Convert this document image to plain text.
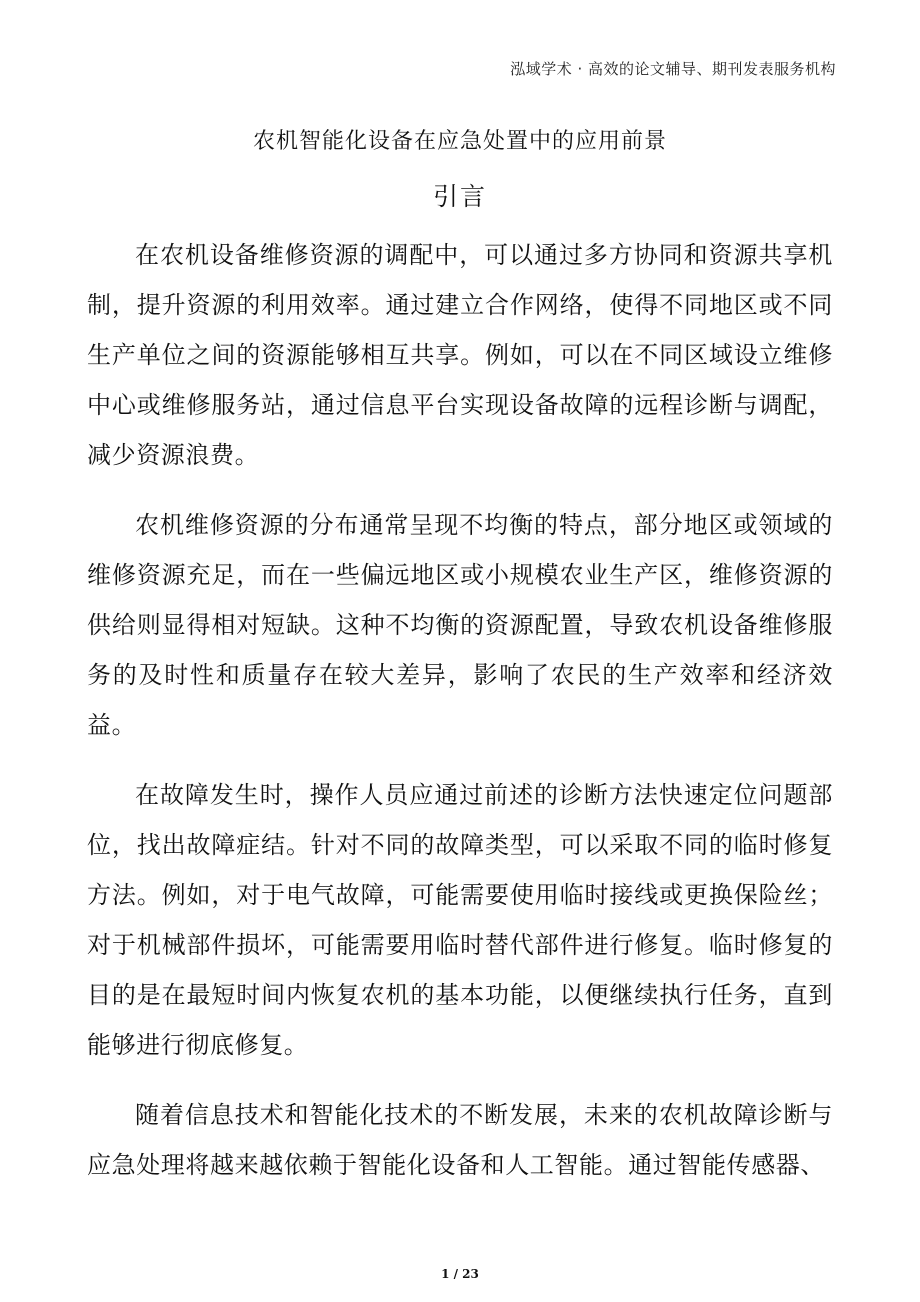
泓域学术 · 高效的论文辅导、期刊发表服务机构
农机智能化设备在应急处置中的应用前景
引言

在农机设备维修资源的调配中，可以通过多方协同和资源共享机制，提升资源的利用效率。通过建立合作网络，使得不同地区或不同生产单位之间的资源能够相互共享。例如，可以在不同区域设立维修中心或维修服务站，通过信息平台实现设备故障的远程诊断与调配，减少资源浪费。

农机维修资源的分布通常呈现不均衡的特点，部分地区或领域的维修资源充足，而在一些偏远地区或小规模农业生产区，维修资源的供给则显得相对短缺。这种不均衡的资源配置，导致农机设备维修服务的及时性和质量存在较大差异，影响了农民的生产效率和经济效益。

在故障发生时，操作人员应通过前述的诊断方法快速定位问题部位，找出故障症结。针对不同的故障类型，可以采取不同的临时修复方法。例如，对于电气故障，可能需要使用临时接线或更换保险丝；对于机械部件损坏，可能需要用临时替代部件进行修复。临时修复的目的是在最短时间内恢复农机的基本功能，以便继续执行任务，直到能够进行彻底修复。

随着信息技术和智能化技术的不断发展，未来的农机故障诊断与应急处理将越来越依赖于智能化设备和人工智能。通过智能传感器、

1 / 23
